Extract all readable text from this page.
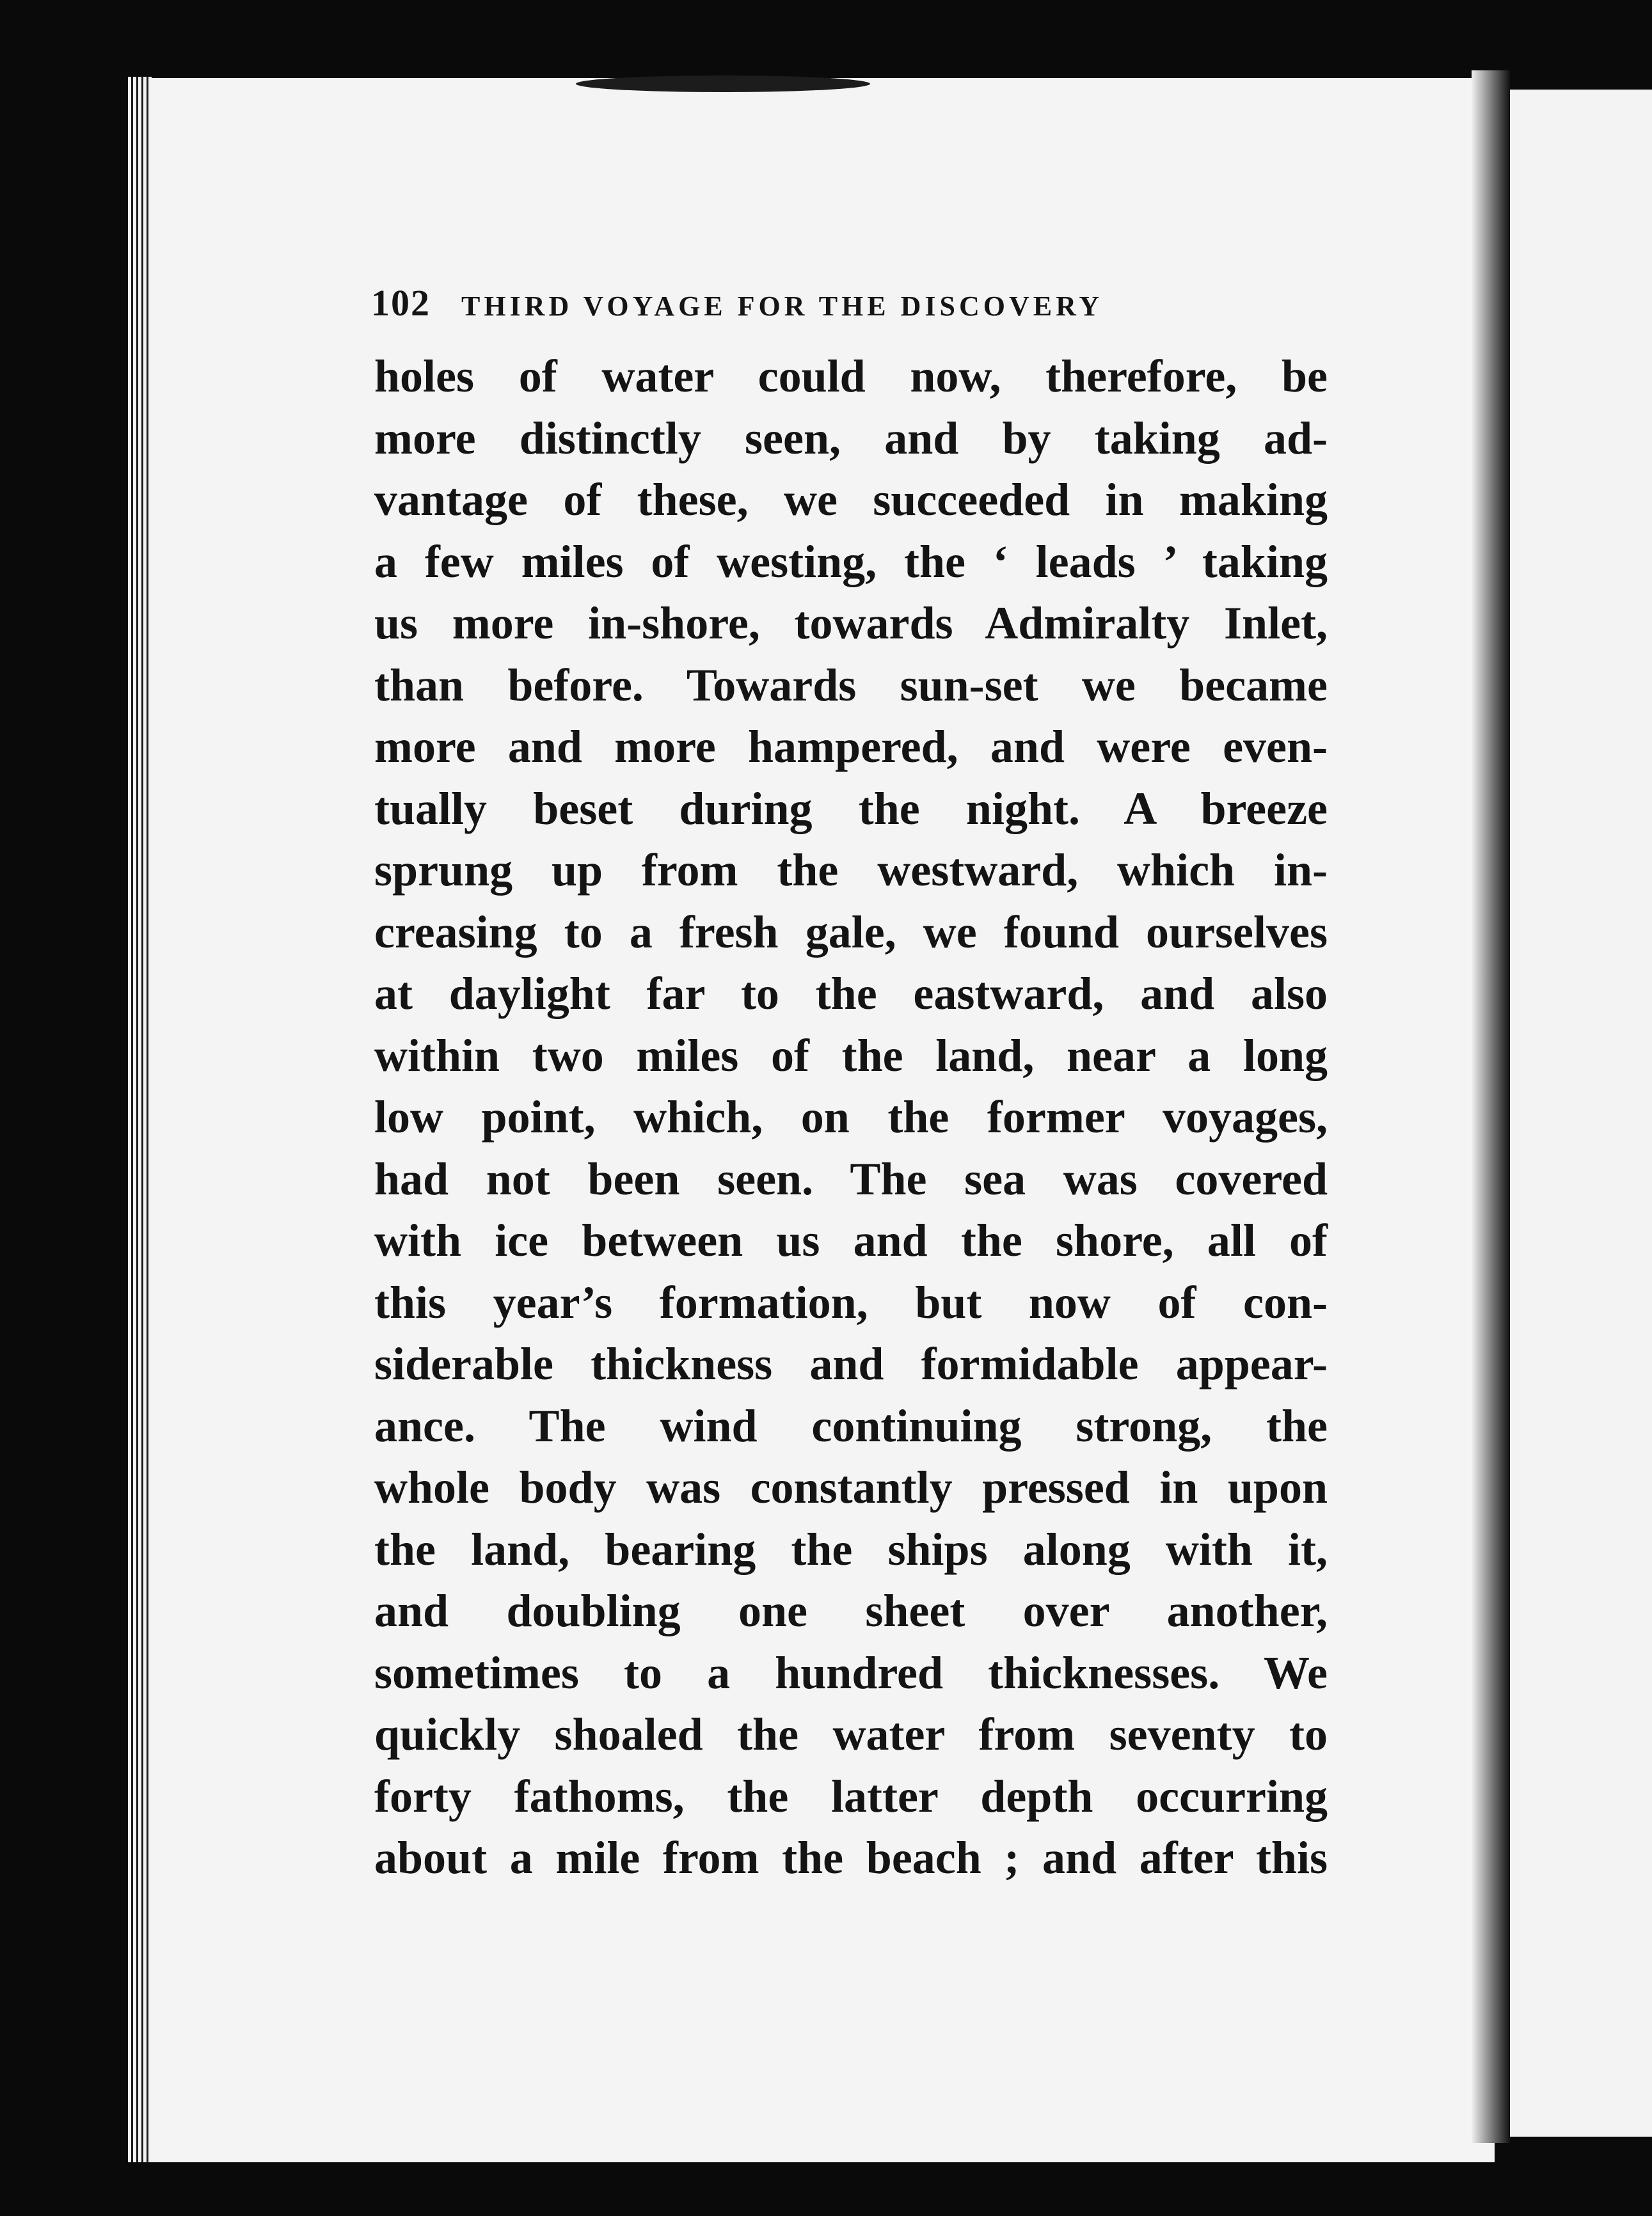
102 THIRD VOYAGE FOR THE DISCOVERY
holes of water could now, therefore, be
more distinctly seen, and by taking ad-
vantage of these, we succeeded in making
a few miles of westing, the ‘ leads ’ taking
us more in-shore, towards Admiralty Inlet,
than before. Towards sun-set we became
more and more hampered, and were even-
tually beset during the night. A breeze
sprung up from the westward, which in-
creasing to a fresh gale, we found ourselves
at daylight far to the eastward, and also
within two miles of the land, near a long
low point, which, on the former voyages,
had not been seen. The sea was covered
with ice between us and the shore, all of
this year’s formation, but now of con-
siderable thickness and formidable appear-
ance. The wind continuing strong, the
whole body was constantly pressed in upon
the land, bearing the ships along with it,
and doubling one sheet over another,
sometimes to a hundred thicknesses. We
quickly shoaled the water from seventy to
forty fathoms, the latter depth occurring
about a mile from the beach ; and after this
